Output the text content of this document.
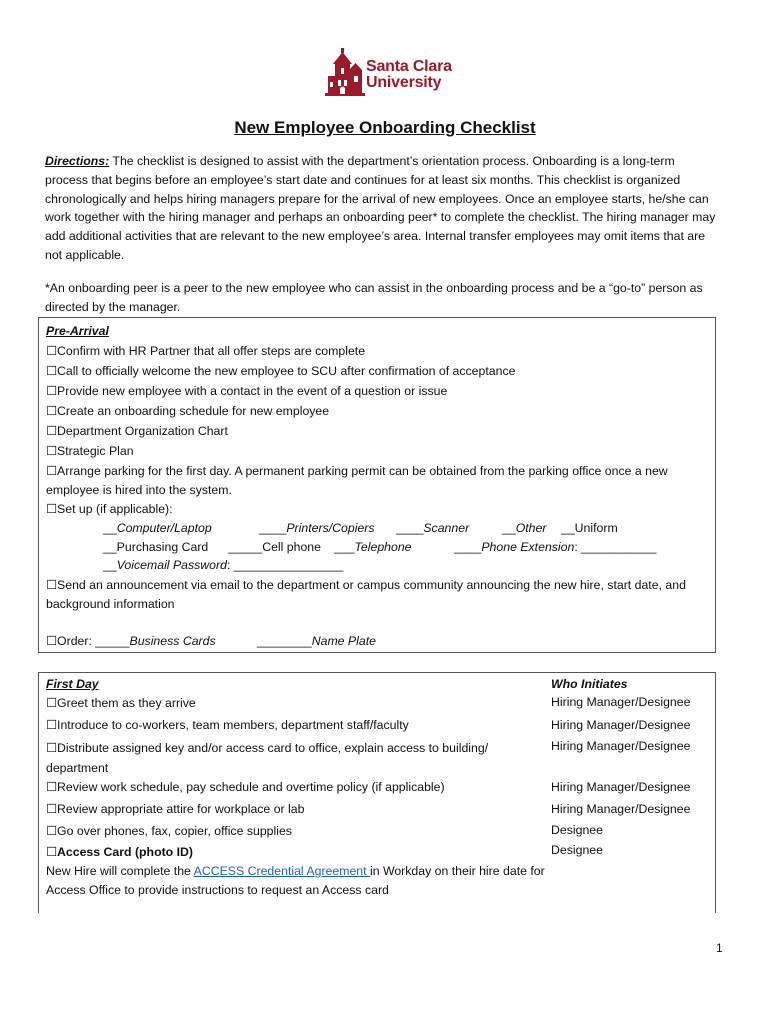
Santa Clara
University
New Employee Onboarding Checklist
Directions: The checklist is designed to assist with the department’s orientation process. Onboarding is a long-term process that begins before an employee’s start date and continues for at least six months. This checklist is organized chronologically and helps hiring managers prepare for the arrival of new employees. Once an employee starts, he/she can work together with the hiring manager and perhaps an onboarding peer* to complete the checklist. The hiring manager may add additional activities that are relevant to the new employee’s area. Internal transfer employees may omit items that are not applicable.
*An onboarding peer is a peer to the new employee who can assist in the onboarding process and be a “go-to” person as directed by the manager.
Pre-Arrival
☐Confirm with HR Partner that all offer steps are complete
☐Call to officially welcome the new employee to SCU after confirmation of acceptance
☐Provide new employee with a contact in the event of a question or issue
☐Create an onboarding schedule for new employee
☐Department Organization Chart
☐Strategic Plan
☐Arrange parking for the first day. A permanent parking permit can be obtained from the parking office once a new employee is hired into the system.
☐Set up (if applicable):
__Computer/Laptop	____Printers/Copiers ____Scanner	__Other __Uniform
__Purchasing Card _____Cell phone ___Telephone	____Phone Extension: ___________
__Voicemail Password: ________________
☐Send an announcement via email to the department or campus community announcing the new hire, start date, and background information
☐Order: _____Business Cards	________Name Plate
First Day	Who Initiates
☐Greet them as they arrive	Hiring Manager/Designee
☐Introduce to co-workers, team members, department staff/faculty	Hiring Manager/Designee
☐Distribute assigned key and/or access card to office, explain access to building/ department
Hiring Manager/Designee
☐Review work schedule, pay schedule and overtime policy (if applicable)	Hiring Manager/Designee
☐Review appropriate attire for workplace or lab	Hiring Manager/Designee
☐Go over phones, fax, copier, office supplies	Designee
☐Access Card (photo ID)	Designee
New Hire will complete the ACCESS Credential Agreement in Workday on their hire date for Access Office to provide instructions to request an Access card
1
